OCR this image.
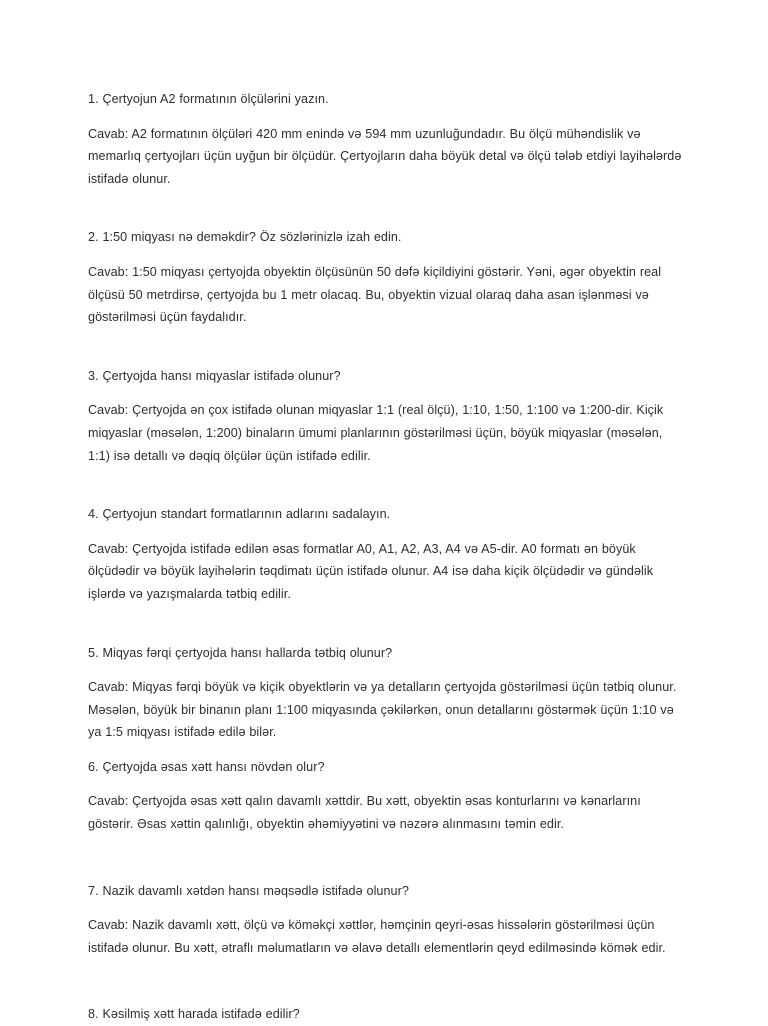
1. Çertyojun A2 formatının ölçülərini yazın.

Cavab: A2 formatının ölçüləri 420 mm enində və 594 mm uzunluğundadır. Bu ölçü mühəndislik və memarlıq çertyojları üçün uyğun bir ölçüdür. Çertyojların daha böyük detal və ölçü tələb etdiyi layihələrdə istifadə olunur.

2. 1:50 miqyası nə deməkdir? Öz sözlərinizlə izah edin.

Cavab: 1:50 miqyası çertyojda obyektin ölçüsünün 50 dəfə kiçildiyini göstərir. Yəni, əgər obyektin real ölçüsü 50 metrdirsə, çertyojda bu 1 metr olacaq. Bu, obyektin vizual olaraq daha asan işlənməsi və göstərilməsi üçün faydalıdır.

3. Çertyojda hansı miqyaslar istifadə olunur?

Cavab: Çertyojda ən çox istifadə olunan miqyaslar 1:1 (real ölçü), 1:10, 1:50, 1:100 və 1:200-dir. Kiçik miqyaslar (məsələn, 1:200) binaların ümumi planlarının göstərilməsi üçün, böyük miqyaslar (məsələn, 1:1) isə detallı və dəqiq ölçülər üçün istifadə edilir.

4. Çertyojun standart formatlarının adlarını sadalayın.

Cavab: Çertyojda istifadə edilən əsas formatlar A0, A1, A2, A3, A4 və A5-dir. A0 formatı ən böyük ölçüdədir və böyük layihələrin təqdimatı üçün istifadə olunur. A4 isə daha kiçik ölçüdədir və gündəlik işlərdə və yazışmalarda tətbiq edilir.

5. Miqyas fərqi çertyojda hansı hallarda tətbiq olunur?

Cavab: Miqyas fərqi böyük və kiçik obyektlərin və ya detalların çertyojda göstərilməsi üçün tətbiq olunur. Məsələn, böyük bir binanın planı 1:100 miqyasında çəkilərkən, onun detallarını göstərmək üçün 1:10 və ya 1:5 miqyası istifadə edilə bilər.

6. Çertyojda əsas xətt hansı növdən olur?

Cavab: Çertyojda əsas xətt qalın davamlı xəttdir. Bu xətt, obyektin əsas konturlarını və kənarlarını göstərir. Əsas xəttin qalınlığı, obyektin əhəmiyyətini və nəzərə alınmasını təmin edir.

7. Nazik davamlı xətdən hansı məqsədlə istifadə olunur?

Cavab: Nazik davamlı xətt, ölçü və köməkçi xəttlər, həmçinin qeyri-əsas hissələrin göstərilməsi üçün istifadə olunur. Bu xətt, ətraflı məlumatların və əlavə detallı elementlərin qeyd edilməsində kömək edir.

8. Kəsilmiş xətt harada istifadə edilir?
